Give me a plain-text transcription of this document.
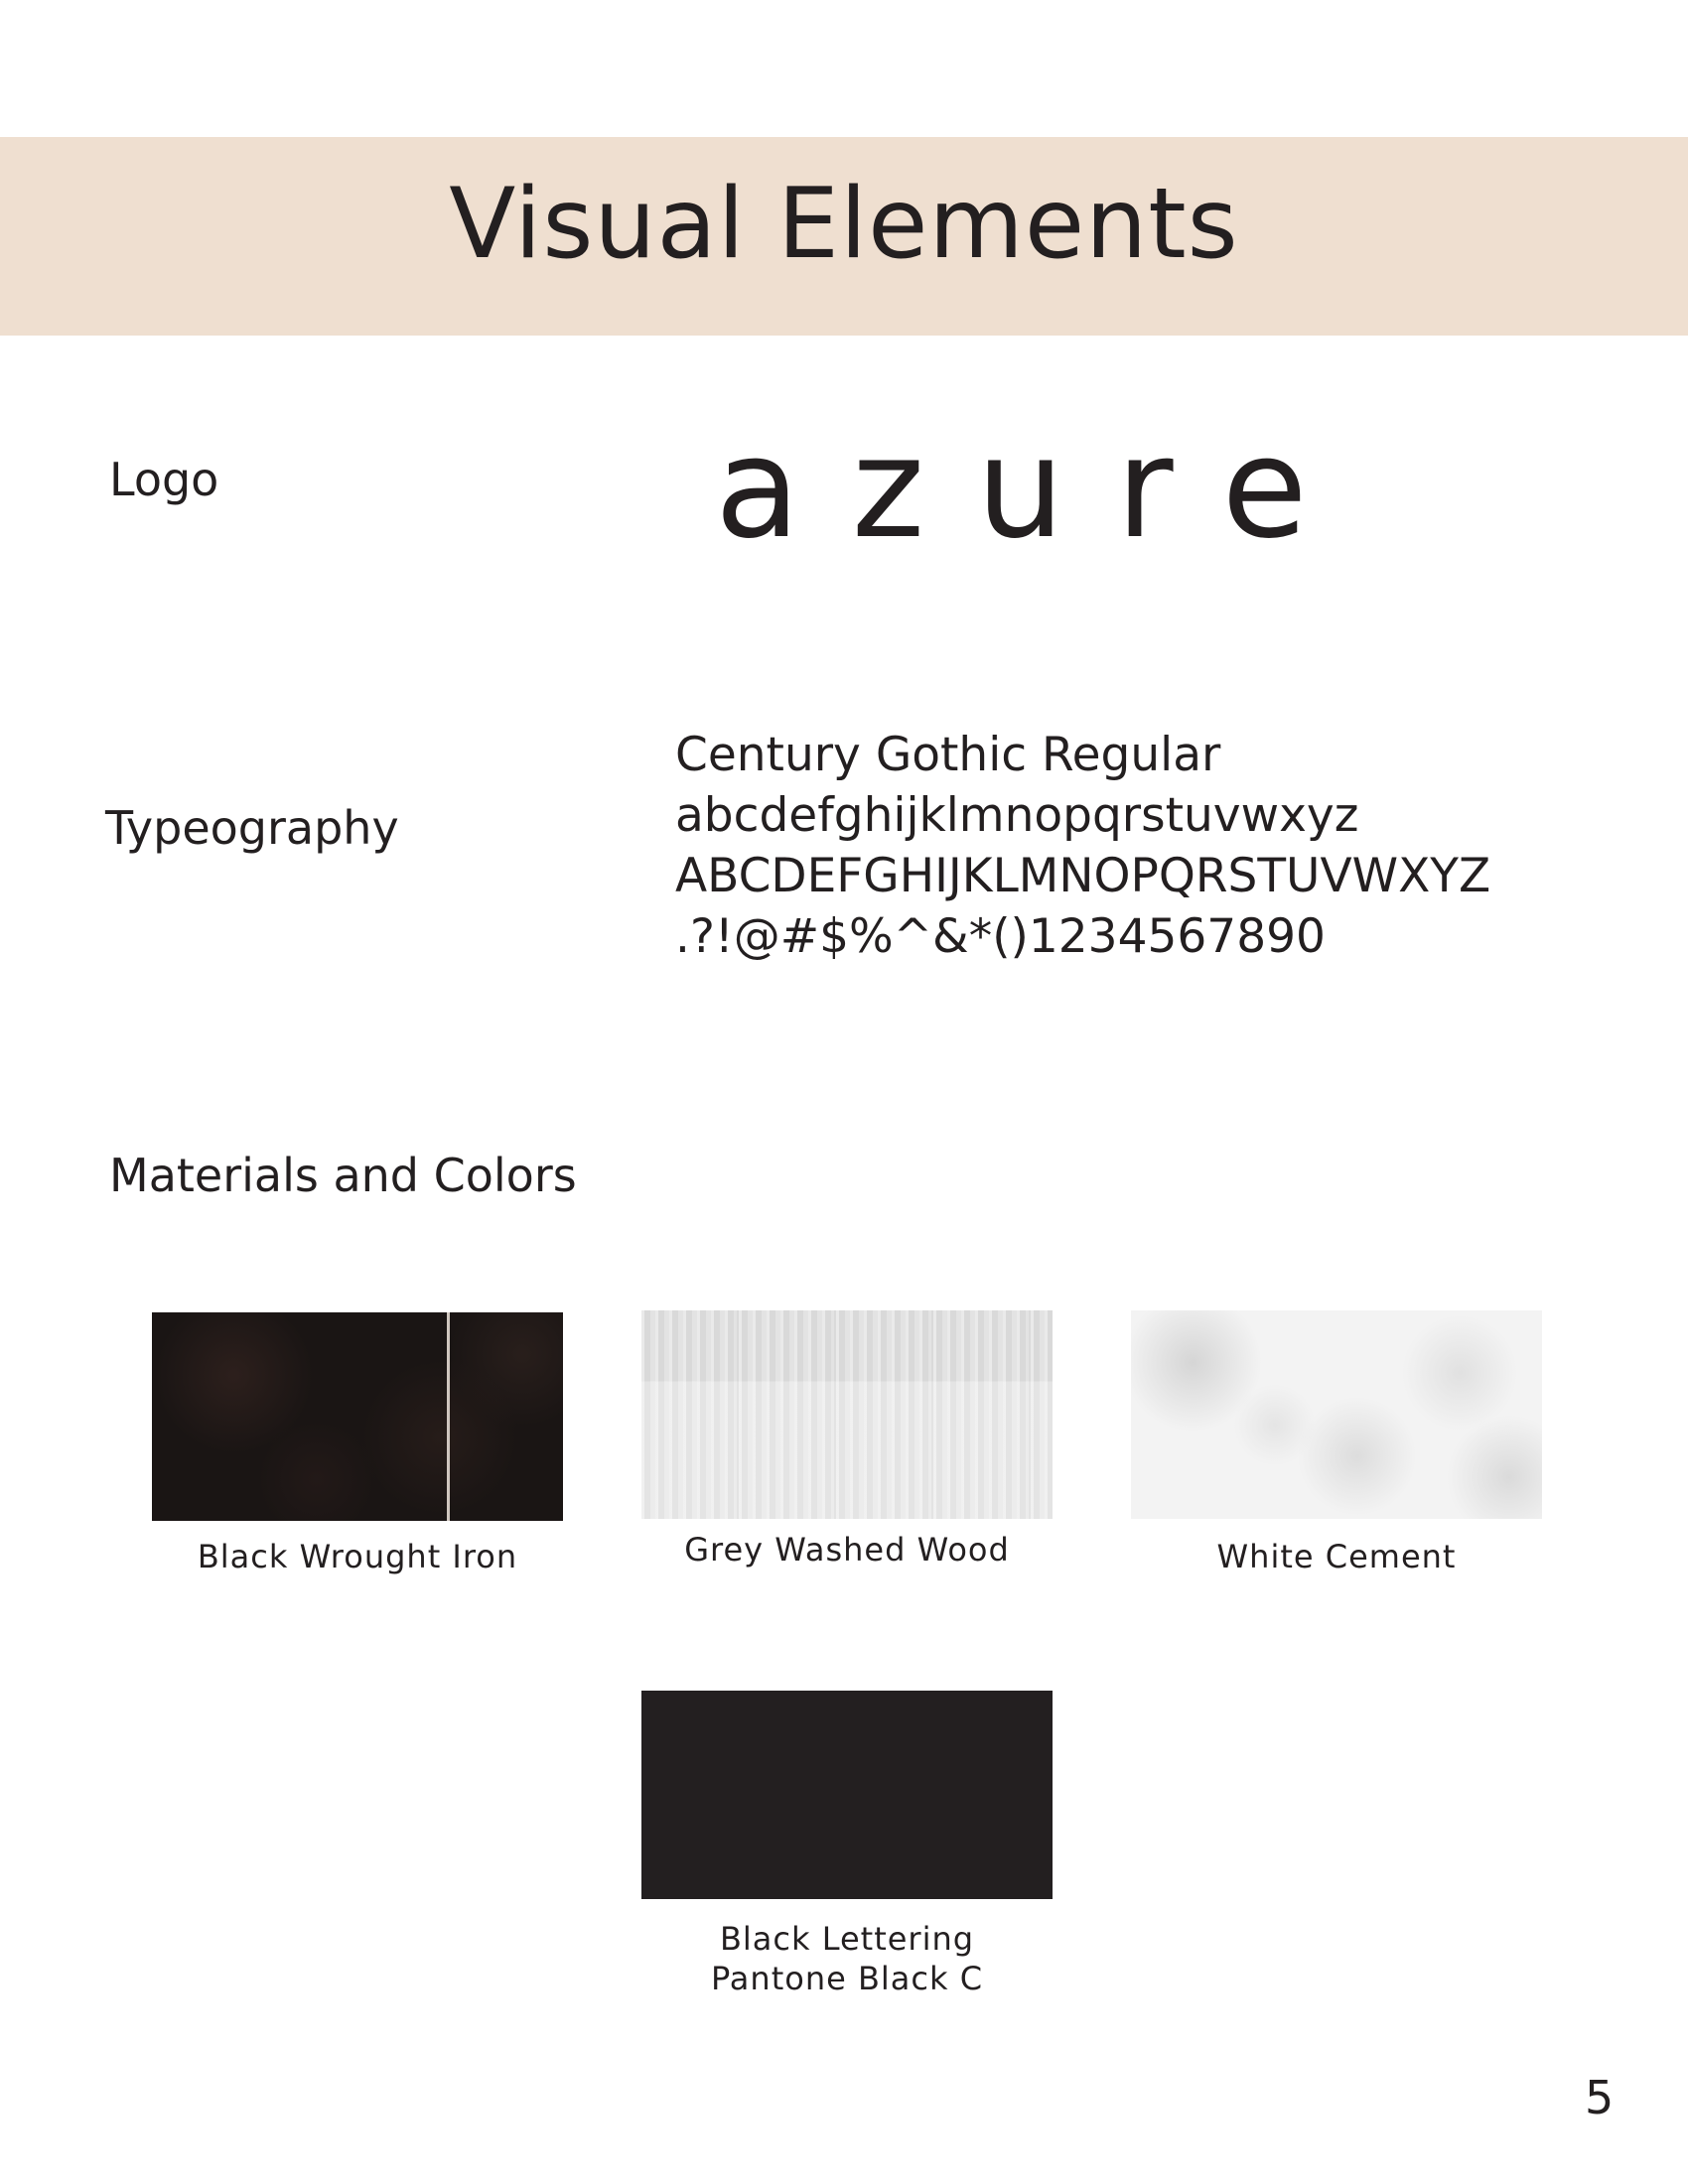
Visual Elements
Logo	azure
Typeography
Century Gothic Regular
abcdefghijklmnopqrstuvwxyz
ABCDEFGHIJKLMNOPQRSTUVWXYZ
.?!@#$%^&*()1234567890
Materials and Colors
Black Wrought Iron	Grey Washed Wood	White Cement
Black Lettering
Pantone Black C
5
